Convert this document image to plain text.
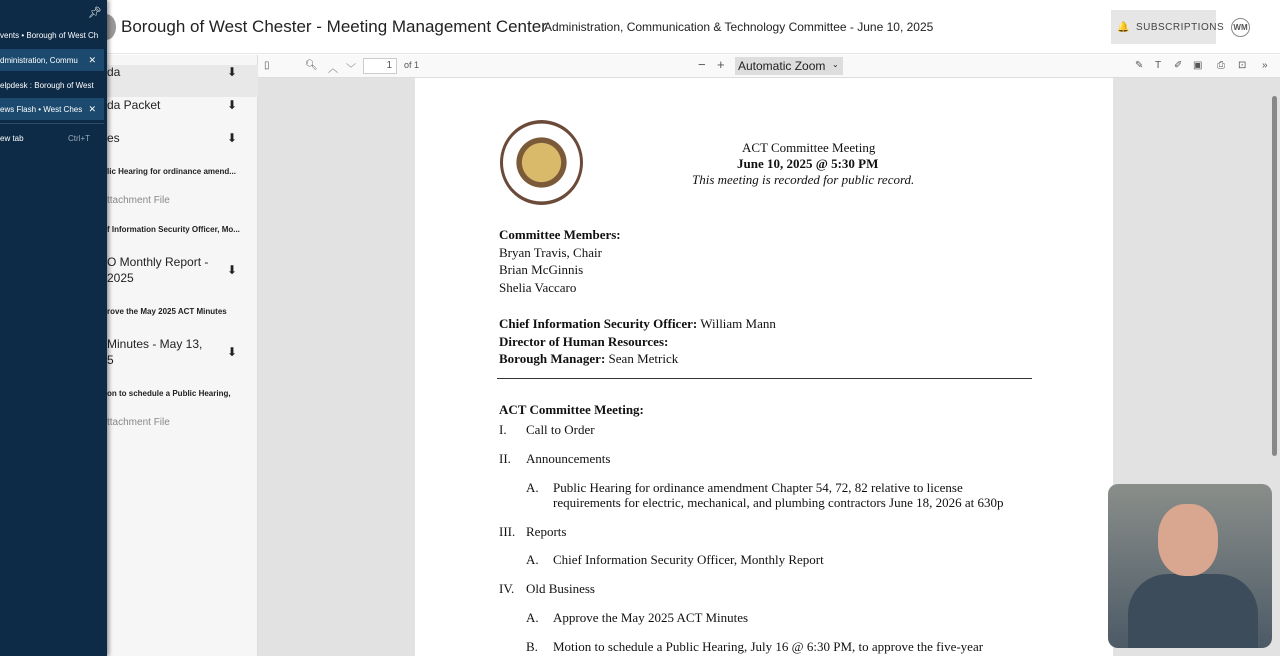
Borough of West Chester - Meeting Management Center
Administration, Communication & Technology Committee - June 10, 2025	🔔 SUBSCRIPTIONS WM
da	⬇
da Packet	⬇
es	⬇
lic Hearing for ordinance amend...
ttachment File
f Information Security Officer, Mo...
O Monthly Report -
2025
⬇
rove the May 2025 ACT Minutes
Minutes - May 13,
5
⬇
on to schedule a Public Hearing,
ttachment File
▯	🔍︎ ︿ ﹀	1	of 1	− + Automatic Zoom ⌄	✎ T ✐ ▣ ⎙ ⊡ »
ACT Committee Meeting
June 10, 2025 @ 5:30 PM
This meeting is recorded for public record.
Committee Members:
Bryan Travis, Chair
Brian McGinnis
Shelia Vaccaro
Chief Information Security Officer: William Mann
Director of Human Resources:
Borough Manager: Sean Metrick
ACT Committee Meeting:
I. Call to Order
II. Announcements
A. Public Hearing for ordinance amendment Chapter 54, 72, 82 relative to license
requirements for electric, mechanical, and plumbing contractors June 18, 2026 at 630p
III. Reports
A. Chief Information Security Officer, Monthly Report
IV. Old Business
A. Approve the May 2025 ACT Minutes
B. Motion to schedule a Public Hearing, July 16 @ 6:30 PM, to approve the five-year
📌︎
vents • Borough of West Ch
dministration, Commu ✕
elpdesk : Borough of West
ews Flash • West Ches ✕
ew tab	Ctrl+T
